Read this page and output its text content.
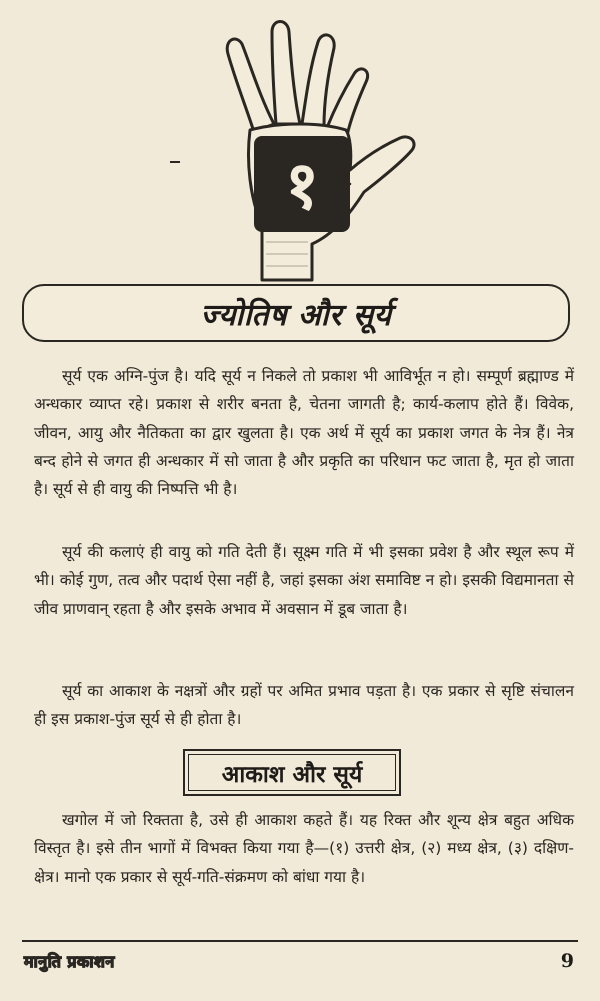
१
ज्योतिष और सूर्य

सूर्य एक अग्नि-पुंज है। यदि सूर्य न निकले तो प्रकाश भी आविर्भूत न हो। सम्पूर्ण ब्रह्माण्ड में अन्धकार व्याप्त रहे। प्रकाश से शरीर बनता है, चेतना जागती है; कार्य-कलाप होते हैं। विवेक, जीवन, आयु और नैतिकता का द्वार खुलता है। एक अर्थ में सूर्य का प्रकाश जगत के नेत्र हैं। नेत्र बन्द होने से जगत ही अन्धकार में सो जाता है और प्रकृति का परिधान फट जाता है, मृत हो जाता है। सूर्य से ही वायु की निष्पत्ति भी है।

सूर्य की कलाएं ही वायु को गति देती हैं। सूक्ष्म गति में भी इसका प्रवेश है और स्थूल रूप में भी। कोई गुण, तत्व और पदार्थ ऐसा नहीं है, जहां इसका अंश समाविष्ट न हो। इसकी विद्यमानता से जीव प्राणवान् रहता है और इसके अभाव में अवसान में डूब जाता है।

सूर्य का आकाश के नक्षत्रों और ग्रहों पर अमित प्रभाव पड़ता है। एक प्रकार से सृष्टि संचालन ही इस प्रकाश-पुंज सूर्य से ही होता है।

आकाश और सूर्य

खगोल में जो रिक्तता है, उसे ही आकाश कहते हैं। यह रिक्त और शून्य क्षेत्र बहुत अधिक विस्तृत है। इसे तीन भागों में विभक्त किया गया है—(१) उत्तरी क्षेत्र, (२) मध्य क्षेत्र, (३) दक्षिण-क्षेत्र। मानो एक प्रकार से सूर्य-गति-संक्रमण को बांधा गया है।

मानुति प्रकाशन	9
